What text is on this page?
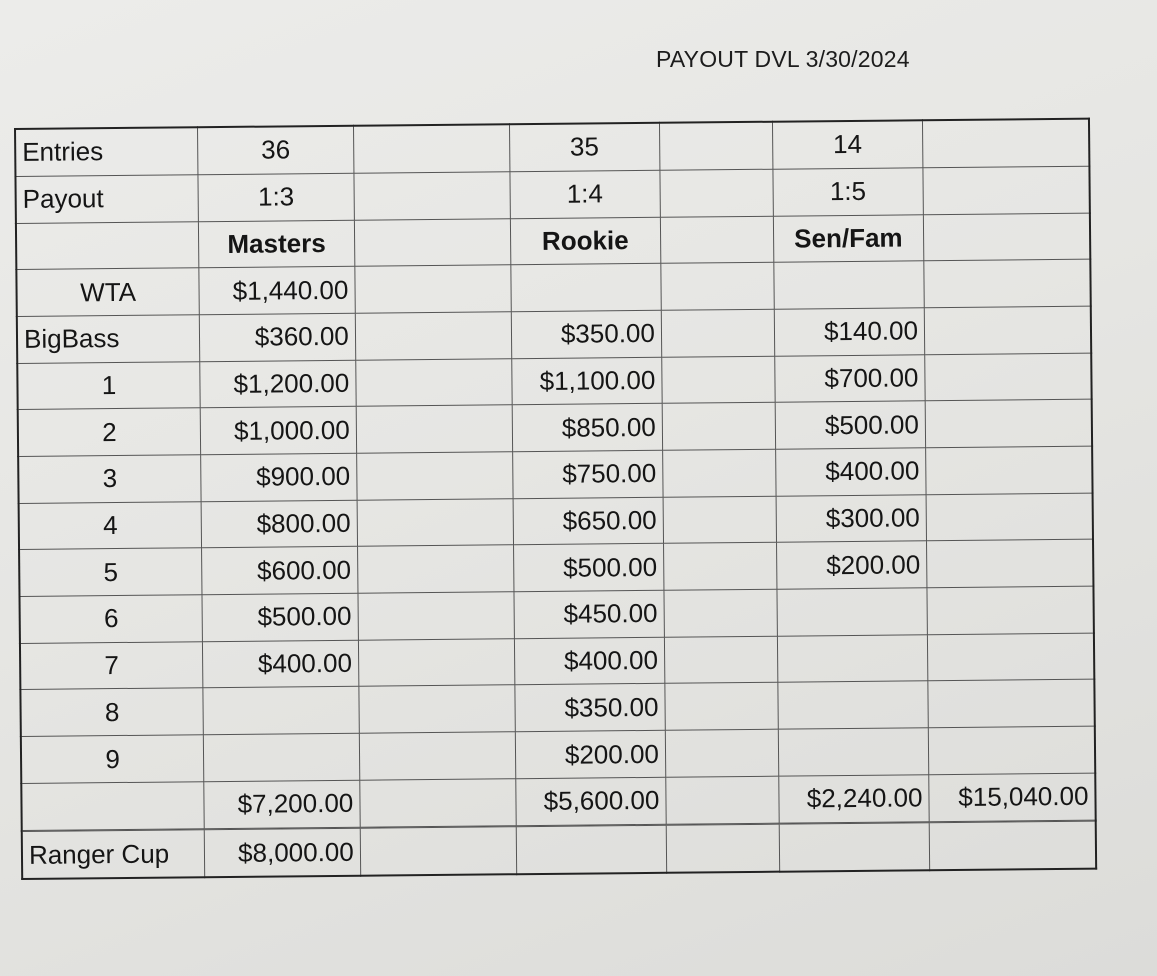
PAYOUT DVL 3/30/2024
Entries	36		35		14	
Payout	1:3		1:4		1:5	
	Masters		Rookie		Sen/Fam	
WTA	$1,440.00					
BigBass	$360.00		$350.00		$140.00	
1	$1,200.00		$1,100.00		$700.00	
2	$1,000.00		$850.00		$500.00	
3	$900.00		$750.00		$400.00	
4	$800.00		$650.00		$300.00	
5	$600.00		$500.00		$200.00	
6	$500.00		$450.00			
7	$400.00		$400.00			
8			$350.00			
9			$200.00			
	$7,200.00		$5,600.00		$2,240.00	$15,040.00

Ranger Cup	$8,000.00					
